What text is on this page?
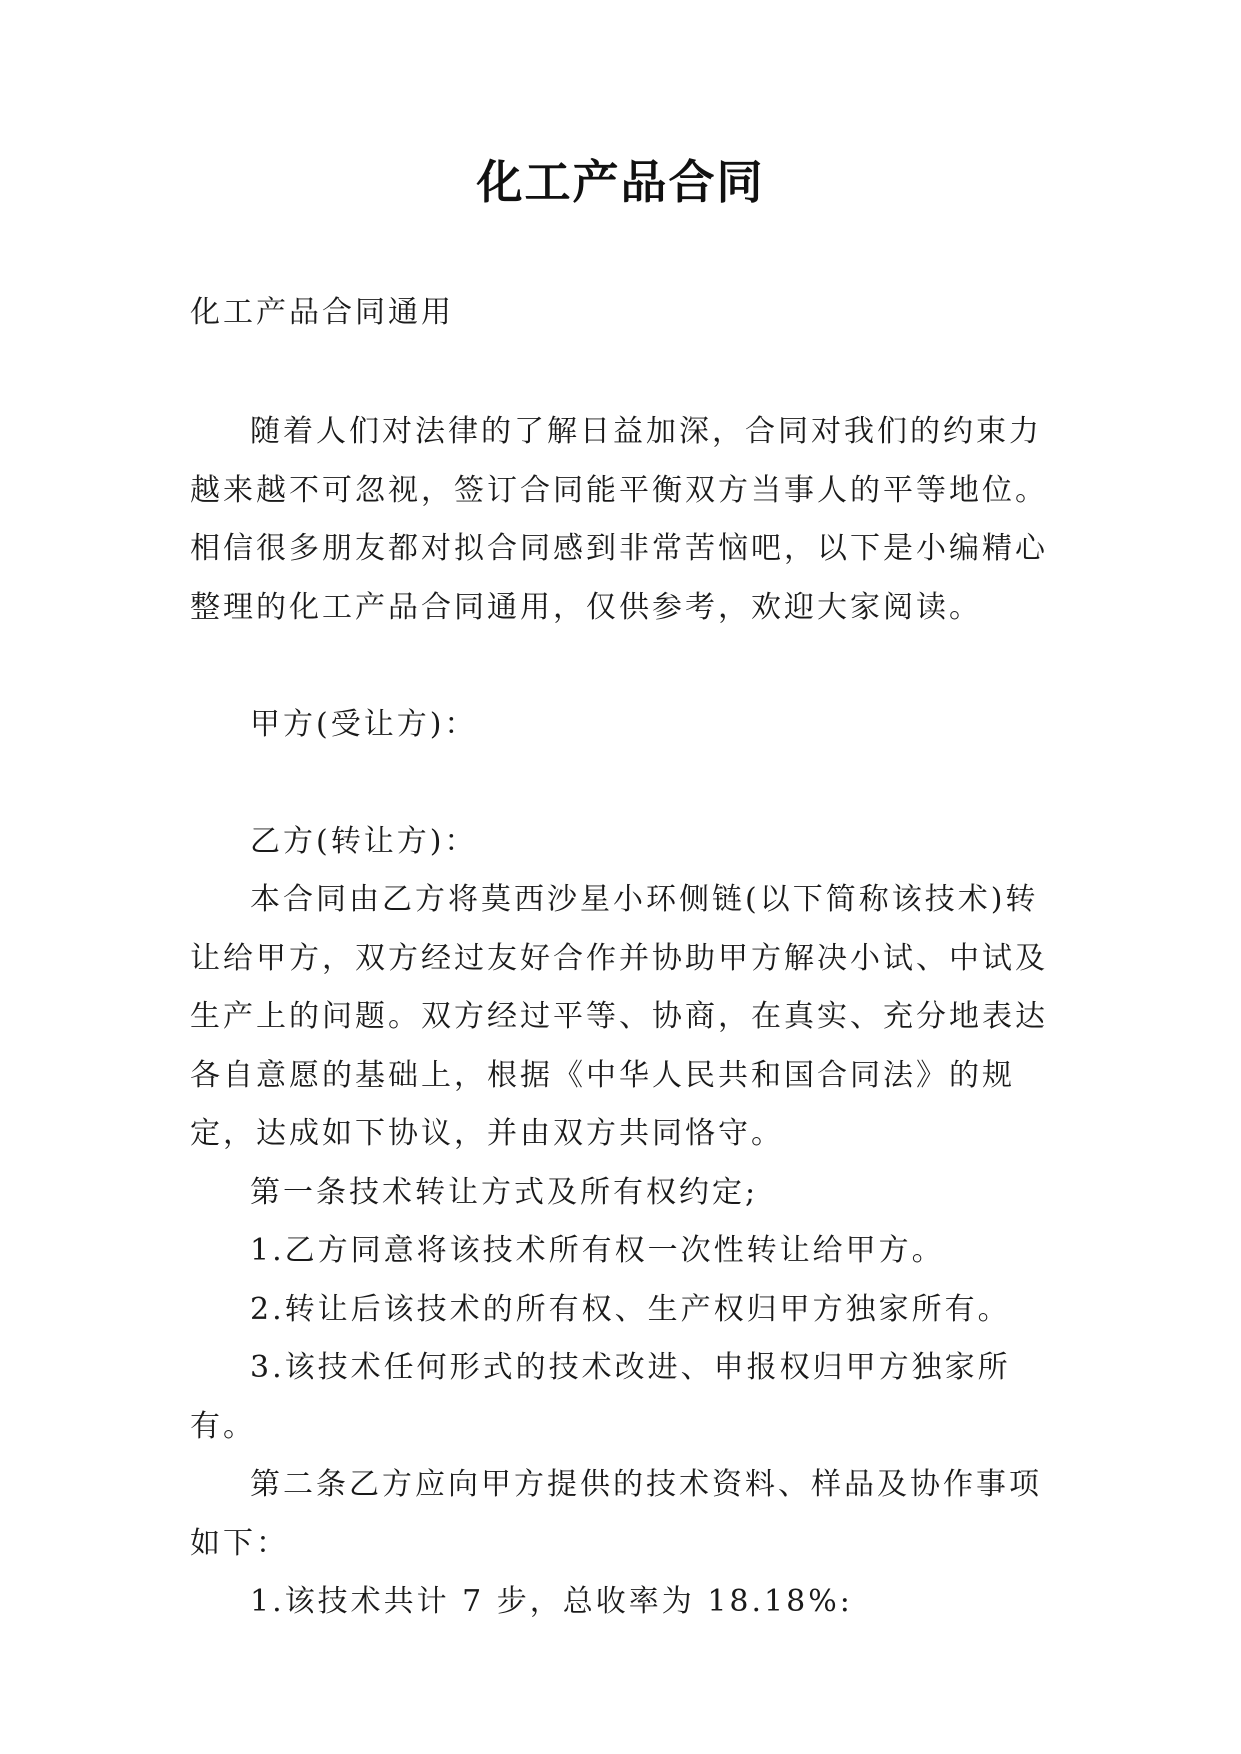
化工产品合同
化工产品合同通用

随着人们对法律的了解日益加深，合同对我们的约束力越来越不可忽视，签订合同能平衡双方当事人的平等地位。相信很多朋友都对拟合同感到非常苦恼吧，以下是小编精心整理的化工产品合同通用，仅供参考，欢迎大家阅读。

甲方(受让方)：

乙方(转让方)：

本合同由乙方将莫西沙星小环侧链(以下简称该技术)转让给甲方，双方经过友好合作并协助甲方解决小试、中试及生产上的问题。双方经过平等、协商，在真实、充分地表达各自意愿的基础上，根据《中华人民共和国合同法》的规定，达成如下协议，并由双方共同恪守。

第一条技术转让方式及所有权约定;

1.乙方同意将该技术所有权一次性转让给甲方。

2.转让后该技术的所有权、生产权归甲方独家所有。

3.该技术任何形式的技术改进、申报权归甲方独家所有。

第二条乙方应向甲方提供的技术资料、样品及协作事项如下：

1.该技术共计 7 步，总收率为 18.18%:
